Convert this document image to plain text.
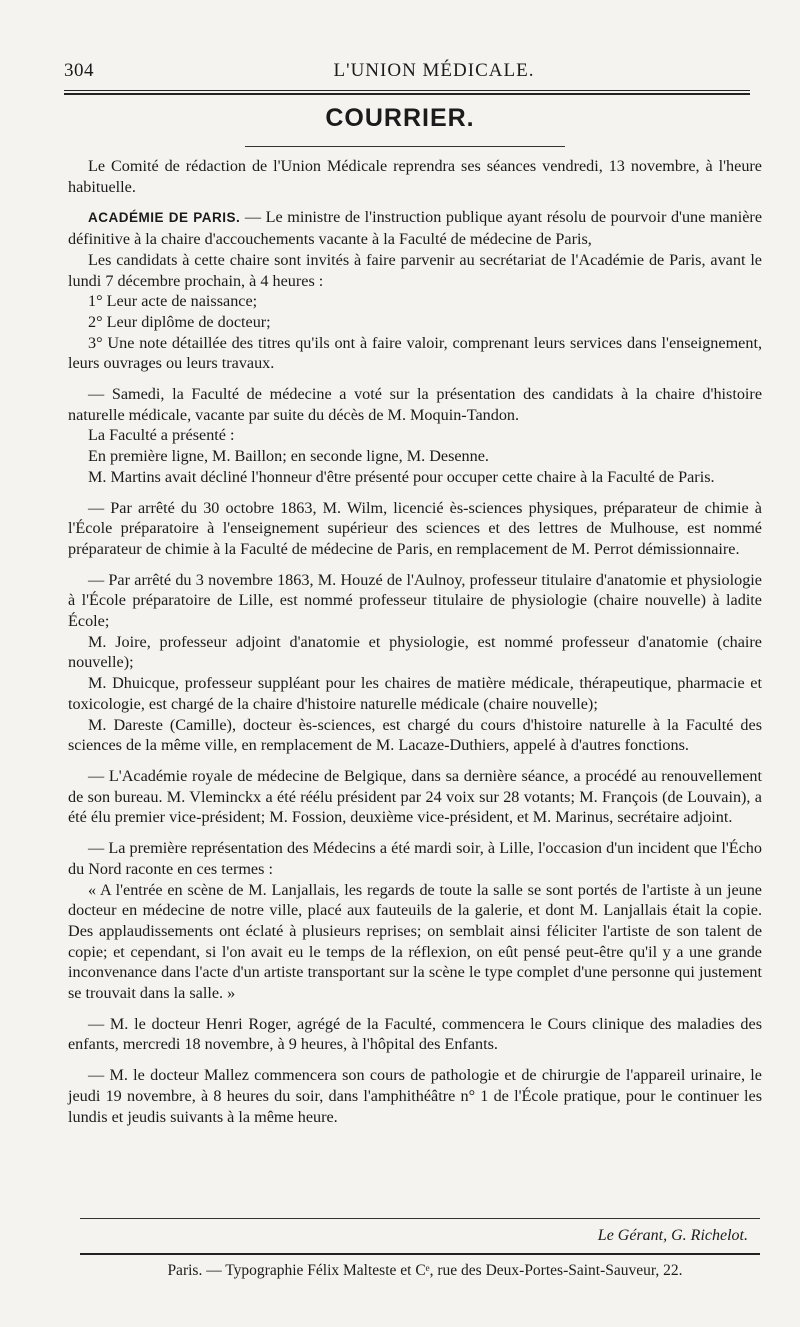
304	L'UNION MÉDICALE.
COURRIER.

Le Comité de rédaction de l'Union Médicale reprendra ses séances vendredi, 13 novembre, à l'heure habituelle.

ACADÉMIE DE PARIS. — Le ministre de l'instruction publique ayant résolu de pourvoir d'une manière définitive à la chaire d'accouchements vacante à la Faculté de médecine de Paris,

Les candidats à cette chaire sont invités à faire parvenir au secrétariat de l'Académie de Paris, avant le lundi 7 décembre prochain, à 4 heures :

1° Leur acte de naissance;

2° Leur diplôme de docteur;

3° Une note détaillée des titres qu'ils ont à faire valoir, comprenant leurs services dans l'enseignement, leurs ouvrages ou leurs travaux.

— Samedi, la Faculté de médecine a voté sur la présentation des candidats à la chaire d'histoire naturelle médicale, vacante par suite du décès de M. Moquin-Tandon.

La Faculté a présenté :

En première ligne, M. Baillon; en seconde ligne, M. Desenne.

M. Martins avait décliné l'honneur d'être présenté pour occuper cette chaire à la Faculté de Paris.

— Par arrêté du 30 octobre 1863, M. Wilm, licencié ès-sciences physiques, préparateur de chimie à l'École préparatoire à l'enseignement supérieur des sciences et des lettres de Mulhouse, est nommé préparateur de chimie à la Faculté de médecine de Paris, en remplacement de M. Perrot démissionnaire.

— Par arrêté du 3 novembre 1863, M. Houzé de l'Aulnoy, professeur titulaire d'anatomie et physiologie à l'École préparatoire de Lille, est nommé professeur titulaire de physiologie (chaire nouvelle) à ladite École;

M. Joire, professeur adjoint d'anatomie et physiologie, est nommé professeur d'anatomie (chaire nouvelle);

M. Dhuicque, professeur suppléant pour les chaires de matière médicale, thérapeutique, pharmacie et toxicologie, est chargé de la chaire d'histoire naturelle médicale (chaire nouvelle);

M. Dareste (Camille), docteur ès-sciences, est chargé du cours d'histoire naturelle à la Faculté des sciences de la même ville, en remplacement de M. Lacaze-Duthiers, appelé à d'autres fonctions.

— L'Académie royale de médecine de Belgique, dans sa dernière séance, a procédé au renouvellement de son bureau. M. Vleminckx a été réélu président par 24 voix sur 28 votants; M. François (de Louvain), a été élu premier vice-président; M. Fossion, deuxième vice-président, et M. Marinus, secrétaire adjoint.

— La première représentation des Médecins a été mardi soir, à Lille, l'occasion d'un incident que l'Écho du Nord raconte en ces termes :

« A l'entrée en scène de M. Lanjallais, les regards de toute la salle se sont portés de l'artiste à un jeune docteur en médecine de notre ville, placé aux fauteuils de la galerie, et dont M. Lanjallais était la copie. Des applaudissements ont éclaté à plusieurs reprises; on semblait ainsi féliciter l'artiste de son talent de copie; et cependant, si l'on avait eu le temps de la réflexion, on eût pensé peut-être qu'il y a une grande inconvenance dans l'acte d'un artiste transportant sur la scène le type complet d'une personne qui justement se trouvait dans la salle. »

— M. le docteur Henri Roger, agrégé de la Faculté, commencera le Cours clinique des maladies des enfants, mercredi 18 novembre, à 9 heures, à l'hôpital des Enfants.

— M. le docteur Mallez commencera son cours de pathologie et de chirurgie de l'appareil urinaire, le jeudi 19 novembre, à 8 heures du soir, dans l'amphithéâtre n° 1 de l'École pratique, pour le continuer les lundis et jeudis suivants à la même heure.

Le Gérant, G. Richelot.
Paris. — Typographie Félix Malteste et Cᵉ, rue des Deux-Portes-Saint-Sauveur, 22.
